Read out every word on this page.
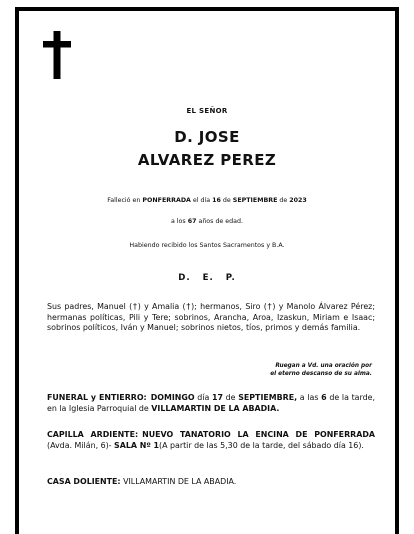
EL SEÑOR
D. JOSE
ALVAREZ PEREZ
Falleció en PONFERRADA el día 16 de SEPTIEMBRE de 2023
a los 67 años de edad.
Habiendo recibido los Santos Sacramentos y B.A.
D. E. P.
Sus padres, Manuel (†) y Amalia (†); hermanos, Siro (†) y Manolo Álvarez Pérez; hermanas políticas, Pili y Tere; sobrinos, Arancha, Aroa, Izaskun, Miriam e Isaac; sobrinos políticos, Iván y Manuel; sobrinos nietos, tíos, primos y demás familia.
Ruegan a Vd. una oración por
el eterno descanso de su alma.
FUNERAL y ENTIERRO: DOMINGO día 17 de SEPTIEMBRE, a las 6 de la tarde, en la Iglesia Parroquial de VILLAMARTIN DE LA ABADIA.
CAPILLA ARDIENTE: NUEVO TANATORIO LA ENCINA DE PONFERRADA (Avda. Milán, 6)- SALA Nº 1(A partir de las 5,30 de la tarde, del sábado día 16).
CASA DOLIENTE: VILLAMARTIN DE LA ABADIA.
